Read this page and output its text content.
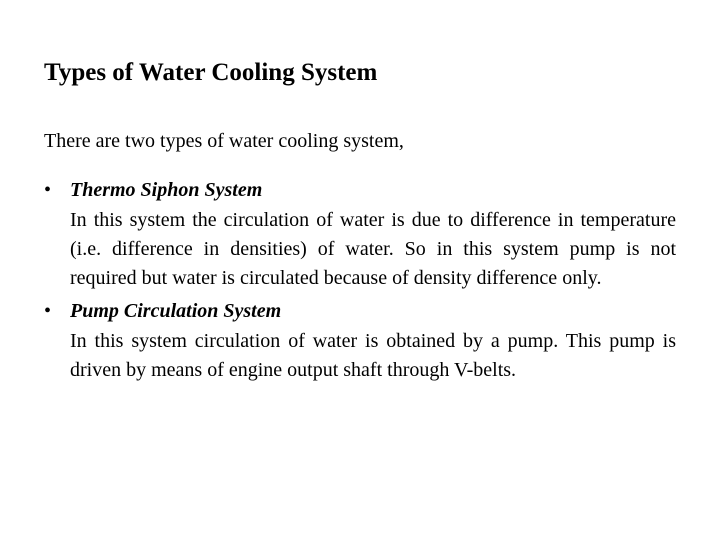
Types of Water Cooling System

There are two types of water cooling system,

• Thermo Siphon System

In this system the circulation of water is due to difference in temperature (i.e. difference in densities) of water. So in this system pump is not required but water is circulated because of density difference only.

• Pump Circulation System

In this system circulation of water is obtained by a pump. This pump is driven by means of engine output shaft through V-belts.
